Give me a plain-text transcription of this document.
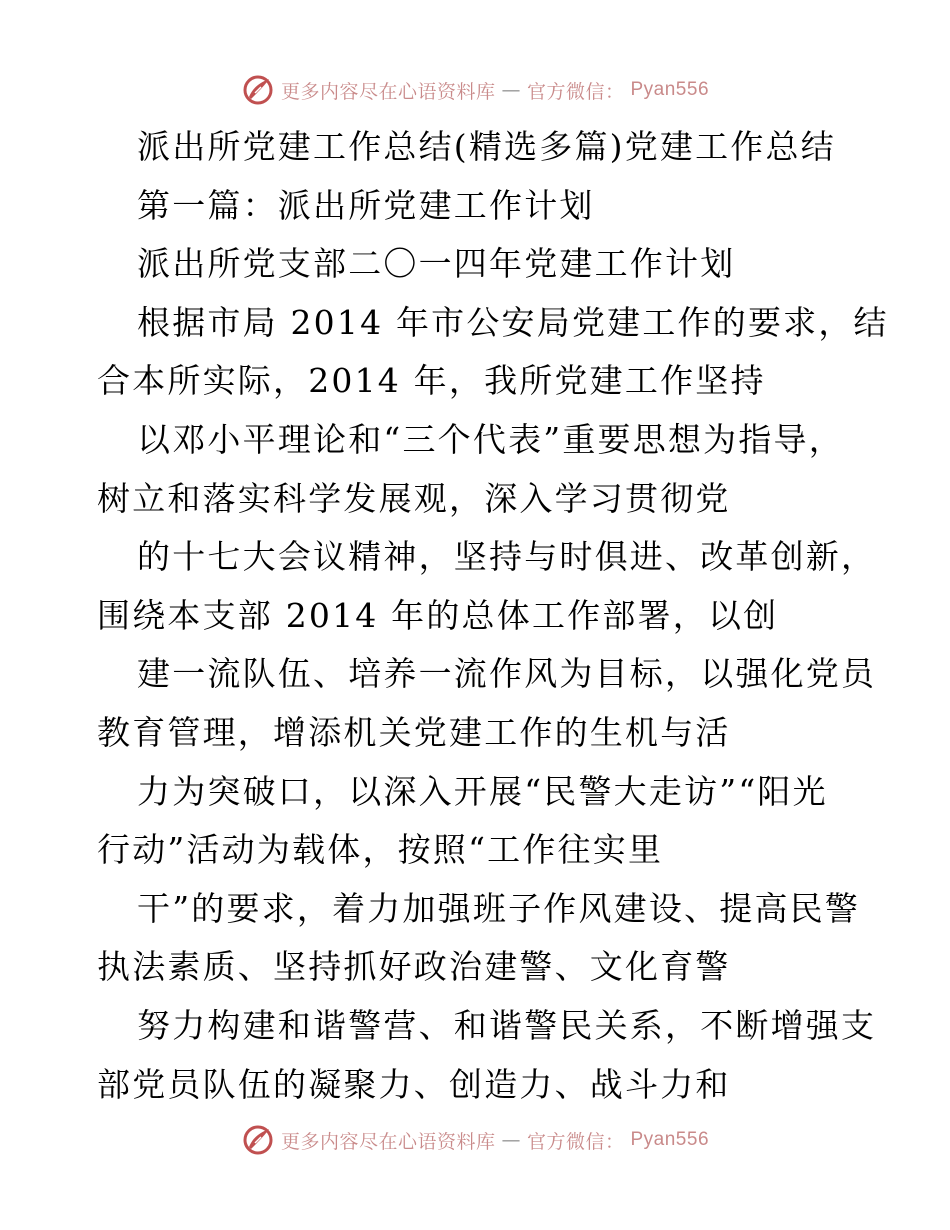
更多内容尽在心语资料库 — 官方微信： Pyan556
派出所党建工作总结(精选多篇)党建工作总结
第一篇：派出所党建工作计划
派出所党支部二〇一四年党建工作计划
根据市局 2014 年市公安局党建工作的要求，结
合本所实际，2014 年，我所党建工作坚持
以邓小平理论和“三个代表”重要思想为指导，
树立和落实科学发展观，深入学习贯彻党
的十七大会议精神，坚持与时俱进、改革创新，
围绕本支部 2014 年的总体工作部署，以创
建一流队伍、培养一流作风为目标，以强化党员
教育管理，增添机关党建工作的生机与活
力为突破口，以深入开展“民警大走访”“阳光
行动”活动为载体，按照“工作往实里
干”的要求，着力加强班子作风建设、提高民警
执法素质、坚持抓好政治建警、文化育警
努力构建和谐警营、和谐警民关系，不断增强支
部党员队伍的凝聚力、创造力、战斗力和
更多内容尽在心语资料库 — 官方微信： Pyan556
